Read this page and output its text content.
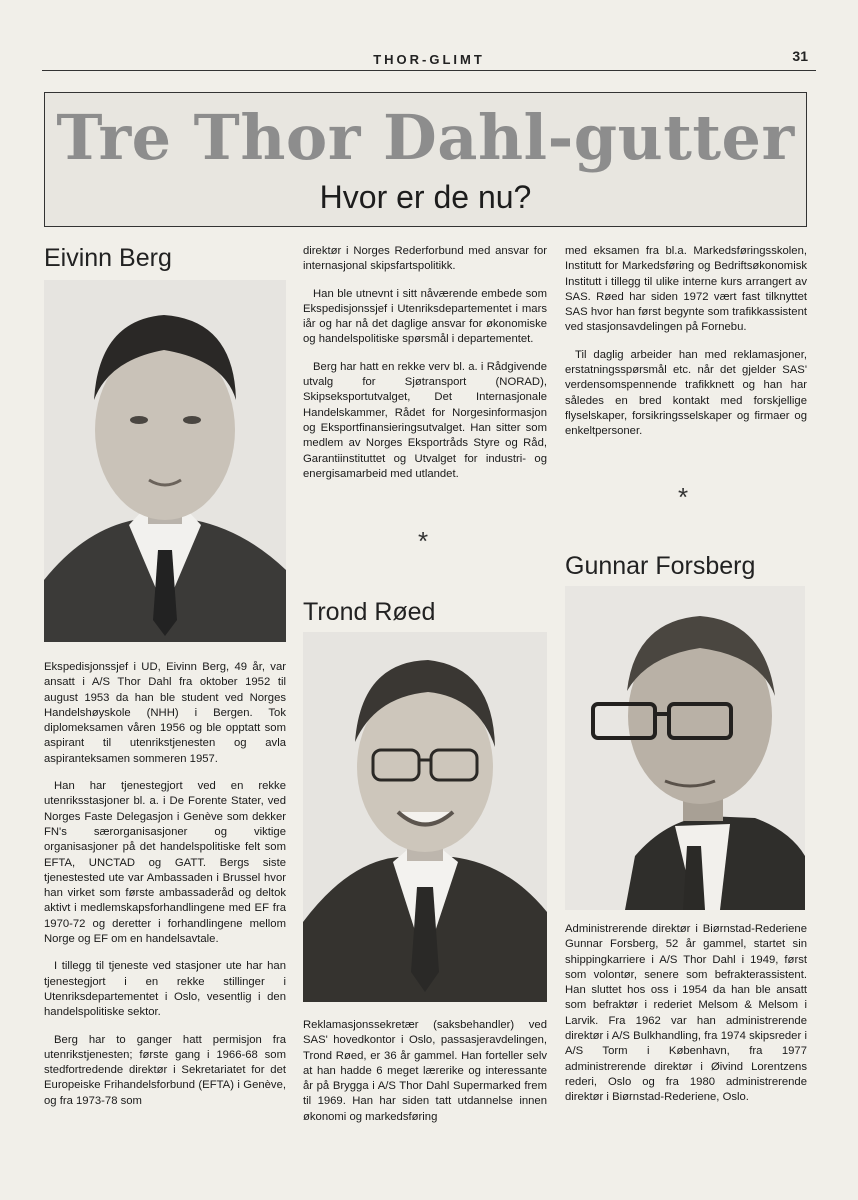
THOR-GLIMT	31
Tre Thor Dahl-gutter
Hvor er de nu?
Eivinn Berg

Ekspedisjonssjef i UD, Eivinn Berg, 49 år, var ansatt i A/S Thor Dahl fra oktober 1952 til august 1953 da han ble student ved Norges Handelshøyskole (NHH) i Bergen. Tok diplomeksamen våren 1956 og ble opptatt som aspirant til utenrikstjenesten og avla aspiranteksamen sommeren 1957.

Han har tjenestegjort ved en rekke utenriksstasjoner bl. a. i De Forente Stater, ved Norges Faste Delegasjon i Genève som dekker FN's særorganisasjoner og viktige organisasjoner på det handelspolitiske felt som EFTA, UNCTAD og GATT. Bergs siste tjenestested ute var Ambassaden i Brussel hvor han virket som første ambassaderåd og deltok aktivt i medlemskapsforhandlingene med EF fra 1970-72 og deretter i forhandlingene mellom Norge og EF om en handelsavtale.

I tillegg til tjeneste ved stasjoner ute har han tjenestegjort i en rekke stillinger i Utenriksdepartementet i Oslo, vesentlig i den handelspolitiske sektor.

Berg har to ganger hatt permisjon fra utenrikstjenesten; første gang i 1966-68 som stedfortredende direktør i Sekretariatet for det Europeiske Frihandelsforbund (EFTA) i Genève, og fra 1973-78 som

direktør i Norges Rederforbund med ansvar for internasjonal skipsfartspolitikk.

Han ble utnevnt i sitt nåværende embede som Ekspedisjonssjef i Utenriksdepartementet i mars iår og har nå det daglige ansvar for økonomiske og handelspolitiske spørsmål i departementet.

Berg har hatt en rekke verv bl. a. i Rådgivende utvalg for Sjøtransport (NORAD), Skipseksportutvalget, Det Internasjonale Handelskammer, Rådet for Norgesinformasjon og Eksportfinansieringsutvalget. Han sitter som medlem av Norges Eksportråds Styre og Råd, Garantiinstituttet og Utvalget for industri- og energisamarbeid med utlandet.

*
Trond Røed

Reklamasjonssekretær (saksbehandler) ved SAS' hovedkontor i Oslo, passasjeravdelingen, Trond Røed, er 36 år gammel. Han forteller selv at han hadde 6 meget lærerike og interessante år på Brygga i A/S Thor Dahl Supermarked frem til 1969. Han har siden tatt utdannelse innen økonomi og markedsføring

med eksamen fra bl.a. Markedsføringsskolen, Institutt for Markedsføring og Bedriftsøkonomisk Institutt i tillegg til ulike interne kurs arrangert av SAS. Røed har siden 1972 vært fast tilknyttet SAS hvor han først begynte som trafikkassistent ved stasjonsavdelingen på Fornebu.

Til daglig arbeider han med reklamasjoner, erstatningsspørsmål etc. når det gjelder SAS' verdensomspennende trafikknett og han har således en bred kontakt med forskjellige flyselskaper, forsikringsselskaper og firmaer og enkeltpersoner.

*
Gunnar Forsberg

Administrerende direktør i Biørnstad-Rederiene Gunnar Forsberg, 52 år gammel, startet sin shippingkarriere i A/S Thor Dahl i 1949, først som volontør, senere som befrakterassistent. Han sluttet hos oss i 1954 da han ble ansatt som befraktør i rederiet Melsom & Melsom i Larvik. Fra 1962 var han administrerende direktør i A/S Bulkhandling, fra 1974 skipsreder i A/S Torm i København, fra 1977 administrerende direktør i Øivind Lorentzens rederi, Oslo og fra 1980 administrerende direktør i Biørnstad-Rederiene, Oslo.
